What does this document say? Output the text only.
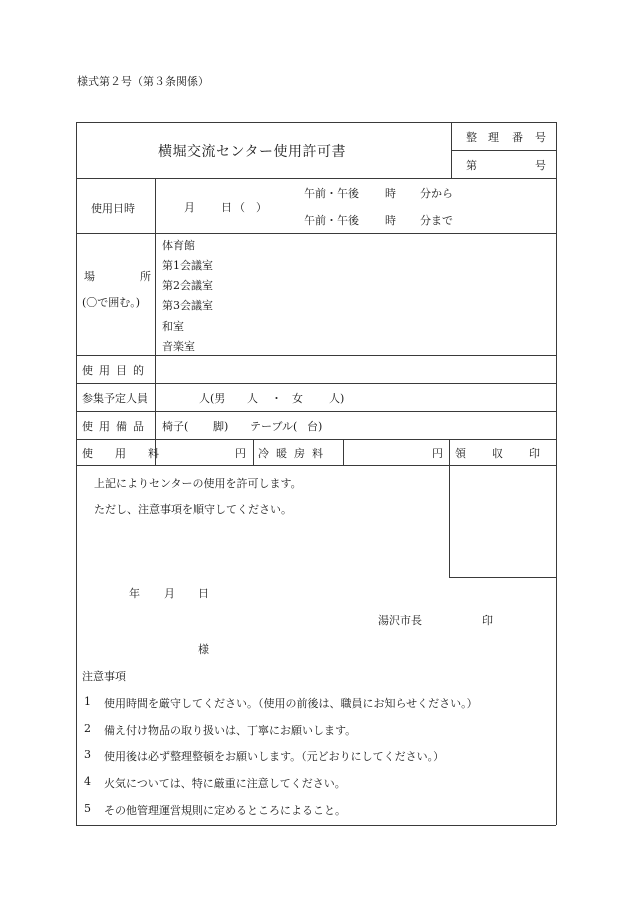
様式第２号（第３条関係）
横堀交流センター使用許可書
整 理 番 号
第	号
使用日時	月 日 （　）
午前・午後 時 分から
午前・午後 時 分まで
場	所
(〇で囲む。)
体育館
第1会議室
第2会議室
第3会議室
和室
音楽室
使用目的
参集予定人員	人(男 人 ・ 女 人)
使用備品 椅子( 脚) テーブル( 台)
使用料	円 冷暖房料	円 領収印
上記によりセンターの使用を許可します。
ただし、注意事項を順守してください。
年 月 日
湯沢市長	印
様
注意事項
1 使用時間を厳守してください。（使用の前後は、職員にお知らせください。）
2 備え付け物品の取り扱いは、丁寧にお願いします。
3 使用後は必ず整理整頓をお願いします。（元どおりにしてください。）
4 火気については、特に厳重に注意してください。
5 その他管理運営規則に定めるところによること。
